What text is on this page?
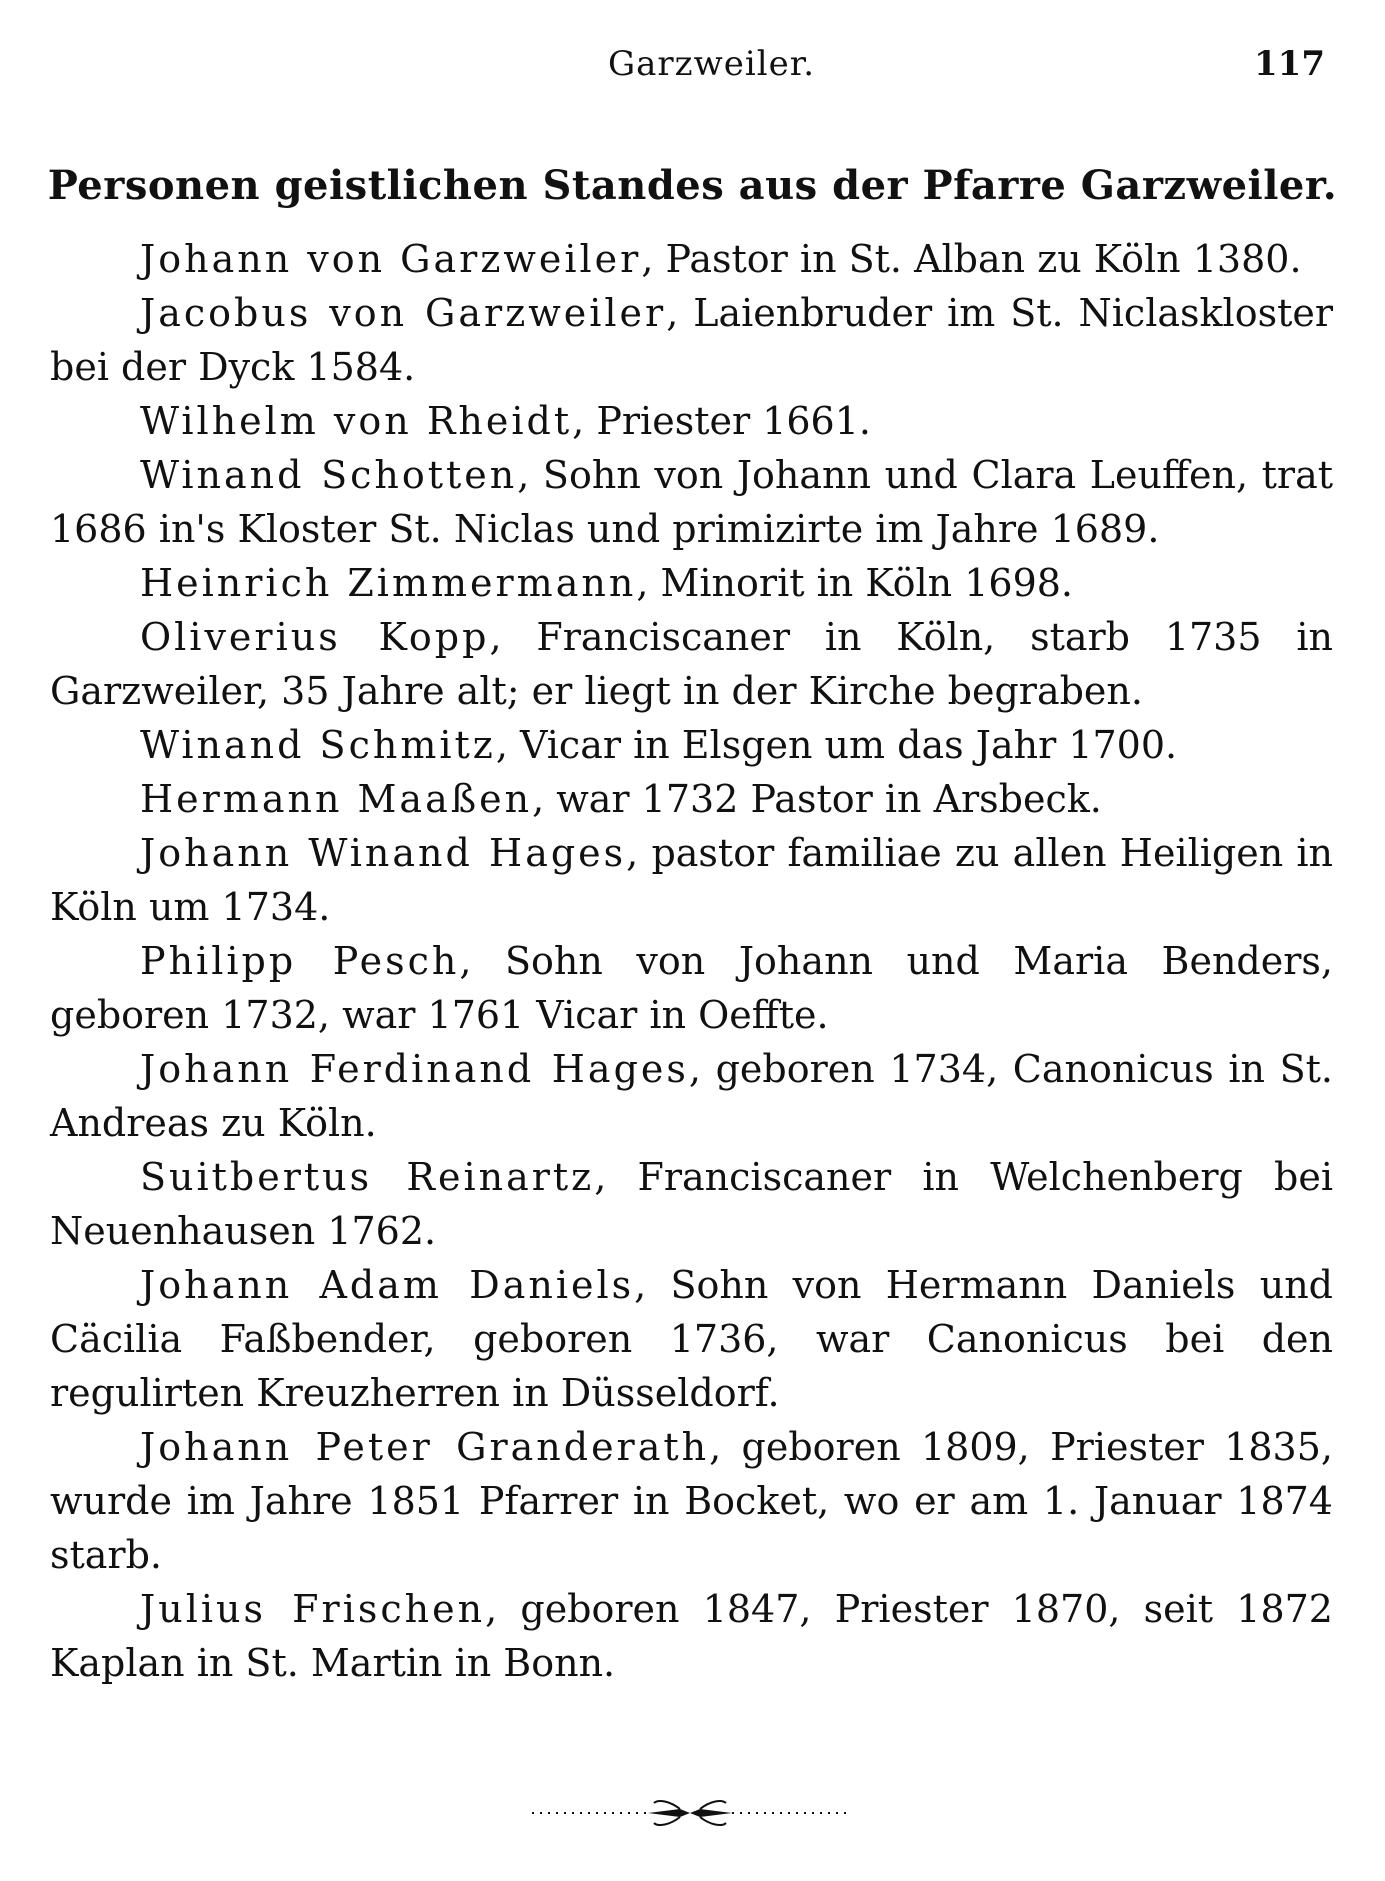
Garzweiler.	117
Personen geistlichen Standes aus der Pfarre Garzweiler.
Johann von Garzweiler, Pastor in St. Alban zu Köln 1380.
Jacobus von Garzweiler, Laienbruder im St. Niclaskloster bei der Dyck 1584.
Wilhelm von Rheidt, Priester 1661.
Winand Schotten, Sohn von Johann und Clara Leuffen, trat 1686 in's Kloster St. Niclas und primizirte im Jahre 1689.
Heinrich Zimmermann, Minorit in Köln 1698.
Oliverius Kopp, Franciscaner in Köln, starb 1735 in Garzweiler, 35 Jahre alt; er liegt in der Kirche begraben.
Winand Schmitz, Vicar in Elsgen um das Jahr 1700.
Hermann Maaßen, war 1732 Pastor in Arsbeck.
Johann Winand Hages, pastor familiae zu allen Heiligen in Köln um 1734.
Philipp Pesch, Sohn von Johann und Maria Benders, geboren 1732, war 1761 Vicar in Oeffte.
Johann Ferdinand Hages, geboren 1734, Canonicus in St. Andreas zu Köln.
Suitbertus Reinartz, Franciscaner in Welchenberg bei Neuenhausen 1762.
Johann Adam Daniels, Sohn von Hermann Daniels und Cäcilia Faßbender, geboren 1736, war Canonicus bei den regulirten Kreuzherren in Düsseldorf.
Johann Peter Granderath, geboren 1809, Priester 1835, wurde im Jahre 1851 Pfarrer in Bocket, wo er am 1. Januar 1874 starb.
Julius Frischen, geboren 1847, Priester 1870, seit 1872 Kaplan in St. Martin in Bonn.
